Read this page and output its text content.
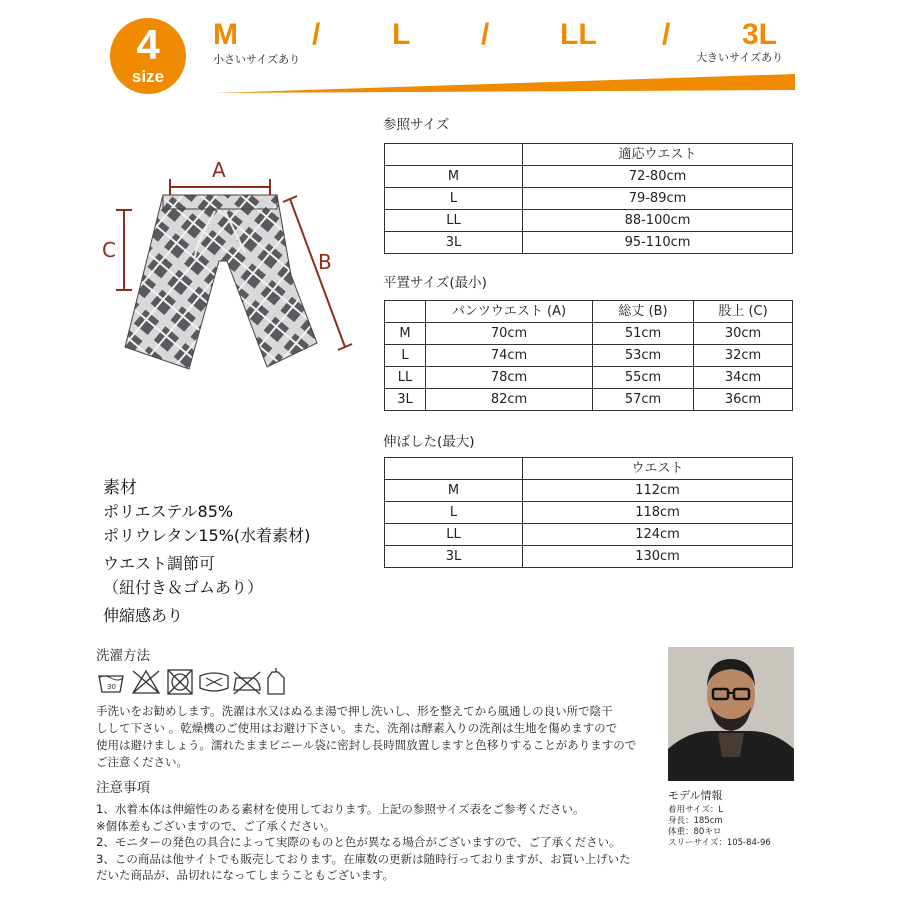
4
size
M / L / LL / 3L
小さいサイズあり	大きいサイズあり
A
C	B
参照サイズ
	適応ウエスト
M	72-80cm
L	79-89cm
LL	88-100cm
3L	95-110cm
平置サイズ(最小)
	パンツウエスト (A)	総丈 (B)	股上 (C)
M	70cm	51cm	30cm
L	74cm	53cm	32cm
LL	78cm	55cm	34cm
3L	82cm	57cm	36cm
伸ばした(最大)
	ウエスト
M	112cm
L	118cm
LL	124cm
3L	130cm
素材
ポリエステル85%
ポリウレタン15%(水着素材)
ウエスト調節可
（紐付き＆ゴムあり）
伸縮感あり
洗濯方法
30
手洗いをお勧めします。洗濯は水又はぬるま湯で押し洗いし、形を整えてから風通しの良い所で陰干
しして下さい 。乾燥機のご使用はお避け下さい。また、洗剤は酵素入りの洗剤は生地を傷めますので
使用は避けましょう。濡れたままビニール袋に密封し長時間放置しますと色移りすることがありますので
ご注意ください。
注意事項
1、水着本体は伸縮性のある素材を使用しております。上記の参照サイズ表をご参考ください。
※個体差もございますので、ご了承ください。
2、モニターの発色の具合によって実際のものと色が異なる場合がございますので、ご了承ください。
3、この商品は他サイトでも販売しております。在庫数の更新は随時行っておりますが、お買い上げいた
だいた商品が、品切れになってしまうこともございます。
モデル情報
着用サイズ：L
身長：185cm
体重：80キロ
スリーサイズ：105-84-96
